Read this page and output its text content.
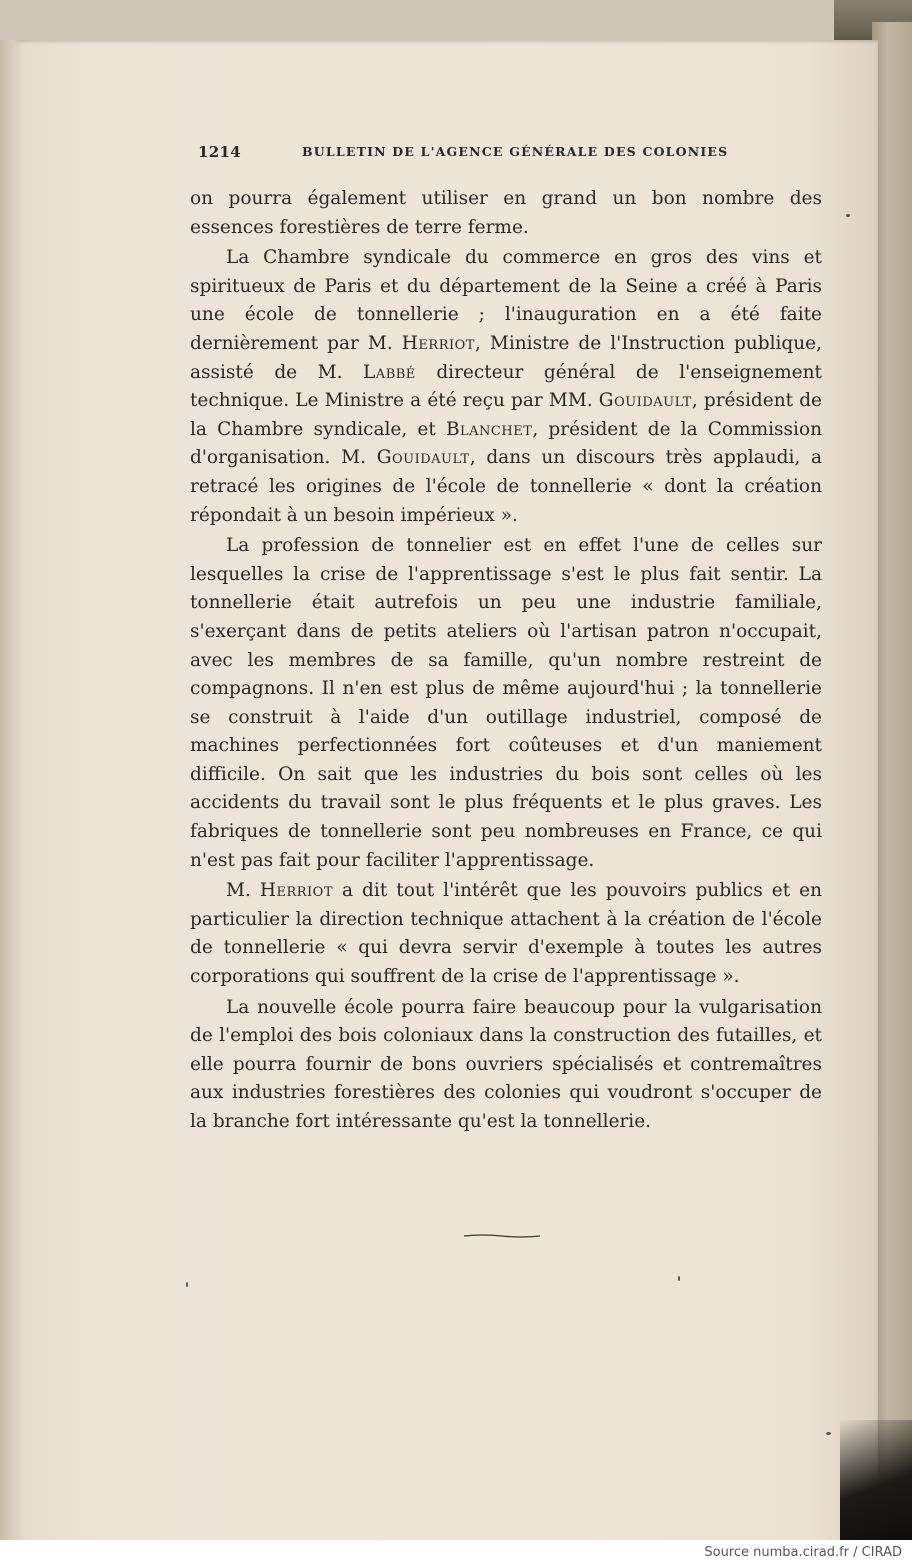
1214	BULLETIN DE L'AGENCE GÉNÉRALE DES COLONIES

on pourra également utiliser en grand un bon nombre des essences forestières de terre ferme.

La Chambre syndicale du commerce en gros des vins et spiritueux de Paris et du département de la Seine a créé à Paris une école de tonnellerie ; l'inauguration en a été faite dernièrement par M. Herriot, Ministre de l'Instruction publique, assisté de M. Labbé directeur général de l'enseignement technique. Le Ministre a été reçu par MM. Gouidault, président de la Chambre syndicale, et Blanchet, président de la Commission d'organisation. M. Gouidault, dans un discours très applaudi, a retracé les origines de l'école de tonnellerie « dont la création répondait à un besoin impérieux ».

La profession de tonnelier est en effet l'une de celles sur lesquelles la crise de l'apprentissage s'est le plus fait sentir. La tonnellerie était autrefois un peu une industrie familiale, s'exerçant dans de petits ateliers où l'artisan patron n'occupait, avec les membres de sa famille, qu'un nombre restreint de compagnons. Il n'en est plus de même aujourd'hui ; la tonnellerie se construit à l'aide d'un outillage industriel, composé de machines perfectionnées fort coûteuses et d'un maniement difficile. On sait que les industries du bois sont celles où les accidents du travail sont le plus fréquents et le plus graves. Les fabriques de tonnellerie sont peu nombreuses en France, ce qui n'est pas fait pour faciliter l'apprentissage.

M. Herriot a dit tout l'intérêt que les pouvoirs publics et en particulier la direction technique attachent à la création de l'école de tonnellerie « qui devra servir d'exemple à toutes les autres corporations qui souffrent de la crise de l'apprentissage ».

La nouvelle école pourra faire beaucoup pour la vulgarisation de l'emploi des bois coloniaux dans la construction des futailles, et elle pourra fournir de bons ouvriers spécialisés et contremaîtres aux industries forestières des colonies qui voudront s'occuper de la branche fort intéressante qu'est la tonnellerie.

Source numba.cirad.fr / CIRAD
